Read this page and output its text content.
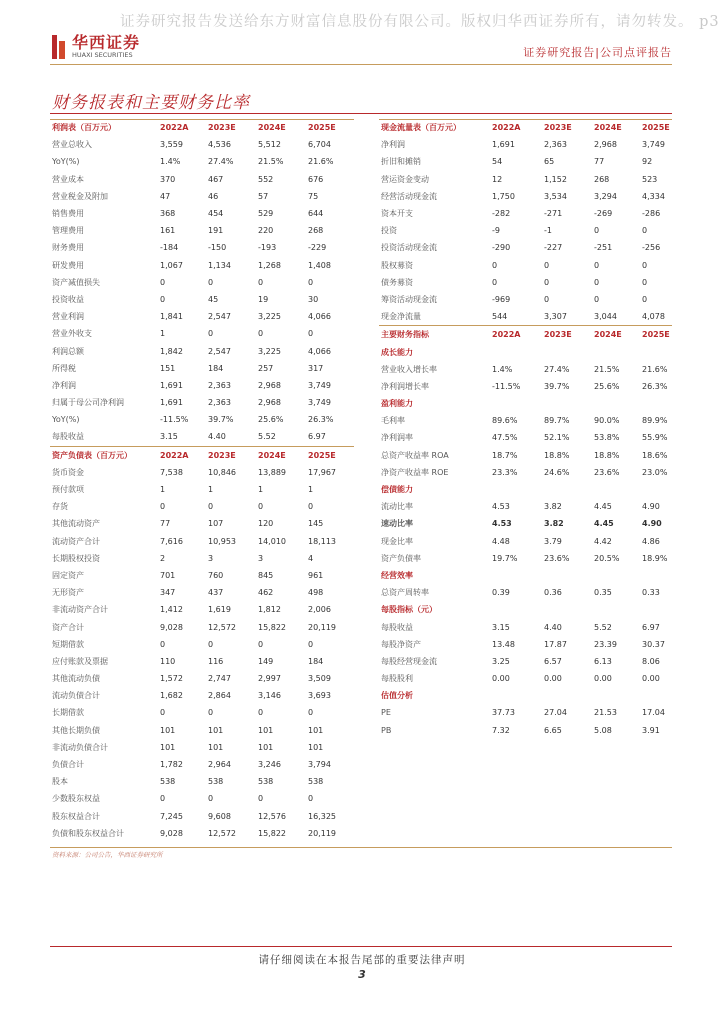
证券研究报告发送给东方财富信息股份有限公司。版权归华西证券所有，请勿转发。 p3
华西证券
HUAXI SECURITIES	证券研究报告|公司点评报告
财务报表和主要财务比率
利润表（百万元）	2022A	2023E	2024E	2025E
营业总收入	3,559	4,536	5,512	6,704
YoY(%)	1.4%	27.4%	21.5%	21.6%
营业成本	370	467	552	676
营业税金及附加	47	46	57	75
销售费用	368	454	529	644
管理费用	161	191	220	268
财务费用	-184	-150	-193	-229
研发费用	1,067	1,134	1,268	1,408
资产减值损失	0	0	0	0
投资收益	0	45	19	30
营业利润	1,841	2,547	3,225	4,066
营业外收支	1	0	0	0
利润总额	1,842	2,547	3,225	4,066
所得税	151	184	257	317
净利润	1,691	2,363	2,968	3,749
归属于母公司净利润	1,691	2,363	2,968	3,749
YoY(%)	-11.5%	39.7%	25.6%	26.3%
每股收益	3.15	4.40	5.52	6.97
资产负债表（百万元）	2022A	2023E	2024E	2025E
货币资金	7,538	10,846	13,889	17,967
预付款项	1	1	1	1
存货	0	0	0	0
其他流动资产	77	107	120	145
流动资产合计	7,616	10,953	14,010	18,113
长期股权投资	2	3	3	4
固定资产	701	760	845	961
无形资产	347	437	462	498
非流动资产合计	1,412	1,619	1,812	2,006
资产合计	9,028	12,572	15,822	20,119
短期借款	0	0	0	0
应付账款及票据	110	116	149	184
其他流动负债	1,572	2,747	2,997	3,509
流动负债合计	1,682	2,864	3,146	3,693
长期借款	0	0	0	0
其他长期负债	101	101	101	101
非流动负债合计	101	101	101	101
负债合计	1,782	2,964	3,246	3,794
股本	538	538	538	538
少数股东权益	0	0	0	0
股东权益合计	7,245	9,608	12,576	16,325
负债和股东权益合计	9,028	12,572	15,822	20,119
现金流量表（百万元）	2022A	2023E	2024E	2025E
净利润	1,691	2,363	2,968	3,749
折旧和摊销	54	65	77	92
营运资金变动	12	1,152	268	523
经营活动现金流	1,750	3,534	3,294	4,334
资本开支	-282	-271	-269	-286
投资	-9	-1	0	0
投资活动现金流	-290	-227	-251	-256
股权募资	0	0	0	0
债务募资	0	0	0	0
筹资活动现金流	-969	0	0	0
现金净流量	544	3,307	3,044	4,078
主要财务指标	2022A	2023E	2024E	2025E
成长能力				
营业收入增长率	1.4%	27.4%	21.5%	21.6%
净利润增长率	-11.5%	39.7%	25.6%	26.3%
盈利能力				
毛利率	89.6%	89.7%	90.0%	89.9%
净利润率	47.5%	52.1%	53.8%	55.9%
总资产收益率 ROA	18.7%	18.8%	18.8%	18.6%
净资产收益率 ROE	23.3%	24.6%	23.6%	23.0%
偿债能力				
流动比率	4.53	3.82	4.45	4.90
速动比率	4.53	3.82	4.45	4.90
现金比率	4.48	3.79	4.42	4.86
资产负债率	19.7%	23.6%	20.5%	18.9%
经营效率				
总资产周转率	0.39	0.36	0.35	0.33
每股指标（元）				
每股收益	3.15	4.40	5.52	6.97
每股净资产	13.48	17.87	23.39	30.37
每股经营现金流	3.25	6.57	6.13	8.06
每股股利	0.00	0.00	0.00	0.00
估值分析				
PE	37.73	27.04	21.53	17.04
PB	7.32	6.65	5.08	3.91
资料来源：公司公告，华西证券研究所
请仔细阅读在本报告尾部的重要法律声明
3
